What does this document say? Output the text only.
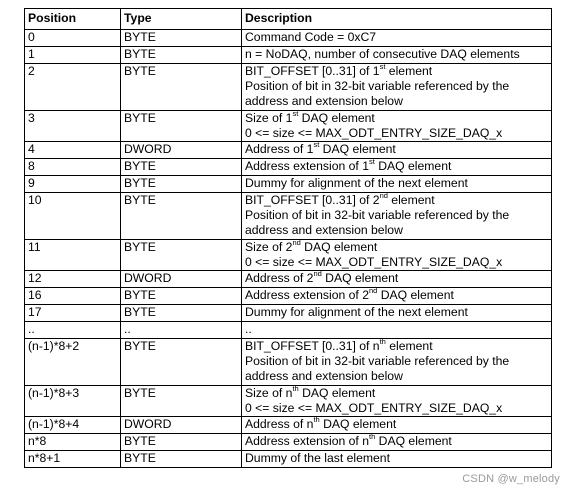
Position	Type	Description
0	BYTE	Command Code = 0xC7

1	BYTE	n = NoDAQ, number of consecutive DAQ elements

2	BYTE	BIT_OFFSET [0..31] of 1st element
Position of bit in 32-bit variable referenced by the
address and extension below

3	BYTE	Size of 1st DAQ element
0 <= size <= MAX_ODT_ENTRY_SIZE_DAQ_x

4	DWORD	Address of 1st DAQ element

8	BYTE	Address extension of 1st DAQ element

9	BYTE	Dummy for alignment of the next element

10	BYTE	BIT_OFFSET [0..31] of 2nd element
Position of bit in 32-bit variable referenced by the
address and extension below

11	BYTE	Size of 2nd DAQ element
0 <= size <= MAX_ODT_ENTRY_SIZE_DAQ_x

12	DWORD	Address of 2nd DAQ element

16	BYTE	Address extension of 2nd DAQ element

17	BYTE	Dummy for alignment of the next element

..	..	..

(n-1)*8+2	BYTE	BIT_OFFSET [0..31] of $n^{th}$ element
Position of bit in 32-bit variable referenced by the
address and extension below

(n-1)*8+3	BYTE	Size of $n^{th}$ DAQ element
0 <= size <= MAX_ODT_ENTRY_SIZE_DAQ_x

(n-1)*8+4	DWORD	Address of $n^{th}$ DAQ element

n*8	BYTE	Address extension of $n^{th}$ DAQ element

n*8+1	BYTE	Dummy of the last element
CSDN @w_melody
